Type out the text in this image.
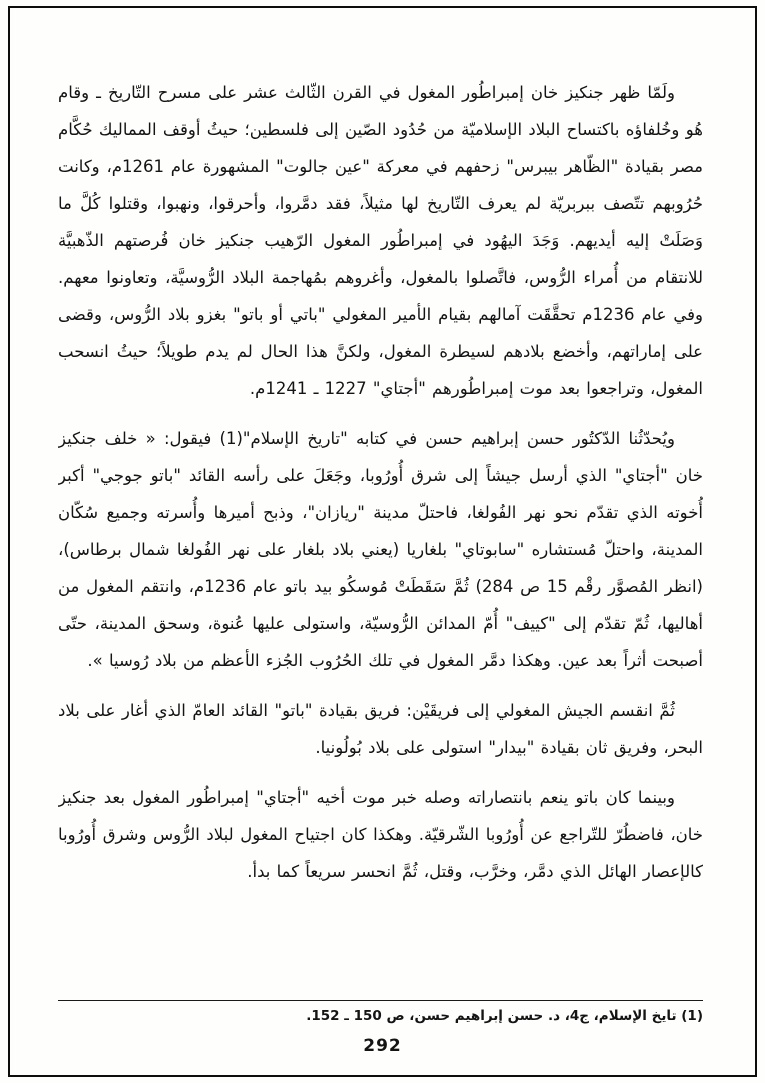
ولَمّا ظهر جنكيز خان إمبراطُور المغول في القرن الثّالث عشر على مسرح التّاريخ ـ وقام هُو وخُلفاؤه باكتساح البلاد الإسلاميّة من حُدُود الصّين إلى فلسطين؛ حيثُ أوقف المماليك حُكَّام مصر بقيادة "الظّاهر بيبرس" زحفهم في معركة "عين جالوت" المشهورة عام 1261م، وكانت حُرُوبهم تتّصف ببربريّة لم يعرف التّاريخ لها مثيلاً، فقد دمَّروا، وأحرقوا، ونهبوا، وقتلوا كُلَّ ما وَصَلَتْ إليه أيديهم. وَجَدَ اليهُود في إمبراطُور المغول الرّهيب جنكيز خان فُرصتهم الذّهبيَّة للانتقام من أُمراء الرُّوس، فاتَّصلوا بالمغول، وأغروهم بمُهاجمة البلاد الرُّوسيَّة، وتعاونوا معهم. وفي عام 1236م تحقَّقَت آمالهم بقيام الأمير المغولي "باتي أو باتو" بغزو بلاد الرُّوس، وقضى على إماراتهم، وأخضع بلادهم لسيطرة المغول، ولكنَّ هذا الحال لم يدم طويلاً؛ حيثُ انسحب المغول، وتراجعوا بعد موت إمبراطُورهم "أجتاي" 1227 ـ 1241م.

ويُحدّثُنا الدّكتُور حسن إبراهيم حسن في كتابه "تاريخ الإسلام"(1) فيقول: « خلف جنكيز خان "أجتاي" الذي أرسل جيشاً إلى شرق أُورُوبا، وجَعَلَ على رأسه القائد "باتو جوجي" أكبر أُخوته الذي تقدّم نحو نهر الفُولغا، فاحتلّ مدينة "ريازان"، وذبح أميرها وأُسرته وجميع سُكّان المدينة، واحتلّ مُستشاره "سابوتاي" بلغاريا (يعني بلاد بلغار على نهر الفُولغا شمال برطاس)، (انظر المُصوَّر رقْم 15 ص 284) ثُمَّ سَقَطَتْ مُوسكُو بيد باتو عام 1236م، وانتقم المغول من أهاليها، ثُمّ تقدّم إلى "كييف" أُمّ المدائن الرُّوسيّة، واستولى عليها عُنوة، وسحق المدينة، حتّى أصبحت أثراً بعد عين. وهكذا دمَّر المغول في تلك الحُرُوب الجُزء الأعظم من بلاد رُوسيا ».

ثُمَّ انقسم الجيش المغولي إلى فريقَيْن: فريق بقيادة "باتو" القائد العامّ الذي أغار على بلاد البحر، وفريق ثان بقيادة "بيدار" استولى على بلاد بُولُونيا.

وبينما كان باتو ينعم بانتصاراته وصله خبر موت أخيه "أجتاي" إمبراطُور المغول بعد جنكيز خان، فاضطُرّ للتّراجع عن أُورُوبا الشّرقيّة. وهكذا كان اجتياح المغول لبلاد الرُّوس وشرق أُورُوبا كالإعصار الهائل الذي دمَّر، وخرَّب، وقتل، ثُمَّ انحسر سريعاً كما بدأ.

(1) تايخ الإسلام، ج4، د. حسن إبراهيم حسن، ص 150 ـ 152.

292
